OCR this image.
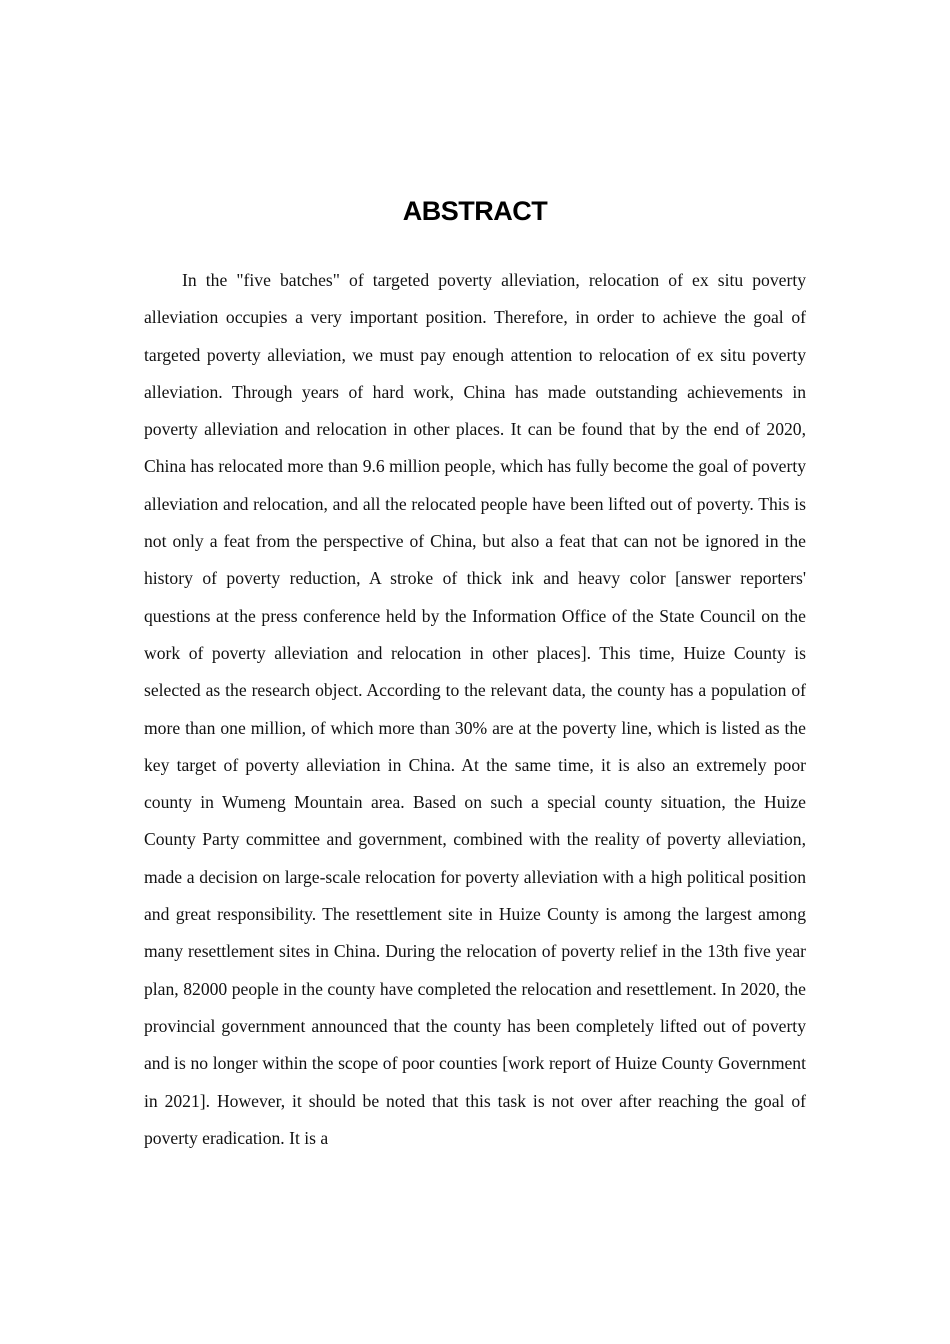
ABSTRACT

In the "five batches" of targeted poverty alleviation, relocation of ex situ poverty alleviation occupies a very important position. Therefore, in order to achieve the goal of targeted poverty alleviation, we must pay enough attention to relocation of ex situ poverty alleviation. Through years of hard work, China has made outstanding achievements in poverty alleviation and relocation in other places. It can be found that by the end of 2020, China has relocated more than 9.6 million people, which has fully become the goal of poverty alleviation and relocation, and all the relocated people have been lifted out of poverty. This is not only a feat from the perspective of China, but also a feat that can not be ignored in the history of poverty reduction, A stroke of thick ink and heavy color [answer reporters' questions at the press conference held by the Information Office of the State Council on the work of poverty alleviation and relocation in other places]. This time, Huize County is selected as the research object. According to the relevant data, the county has a population of more than one million, of which more than 30% are at the poverty line, which is listed as the key target of poverty alleviation in China. At the same time, it is also an extremely poor county in Wumeng Mountain area. Based on such a special county situation, the Huize County Party committee and government, combined with the reality of poverty alleviation, made a decision on large-scale relocation for poverty alleviation with a high political position and great responsibility. The resettlement site in Huize County is among the largest among many resettlement sites in China. During the relocation of poverty relief in the 13th five year plan, 82000 people in the county have completed the relocation and resettlement. In 2020, the provincial government announced that the county has been completely lifted out of poverty and is no longer within the scope of poor counties [work report of Huize County Government in 2021]. However, it should be noted that this task is not over after reaching the goal of poverty eradication. It is a
